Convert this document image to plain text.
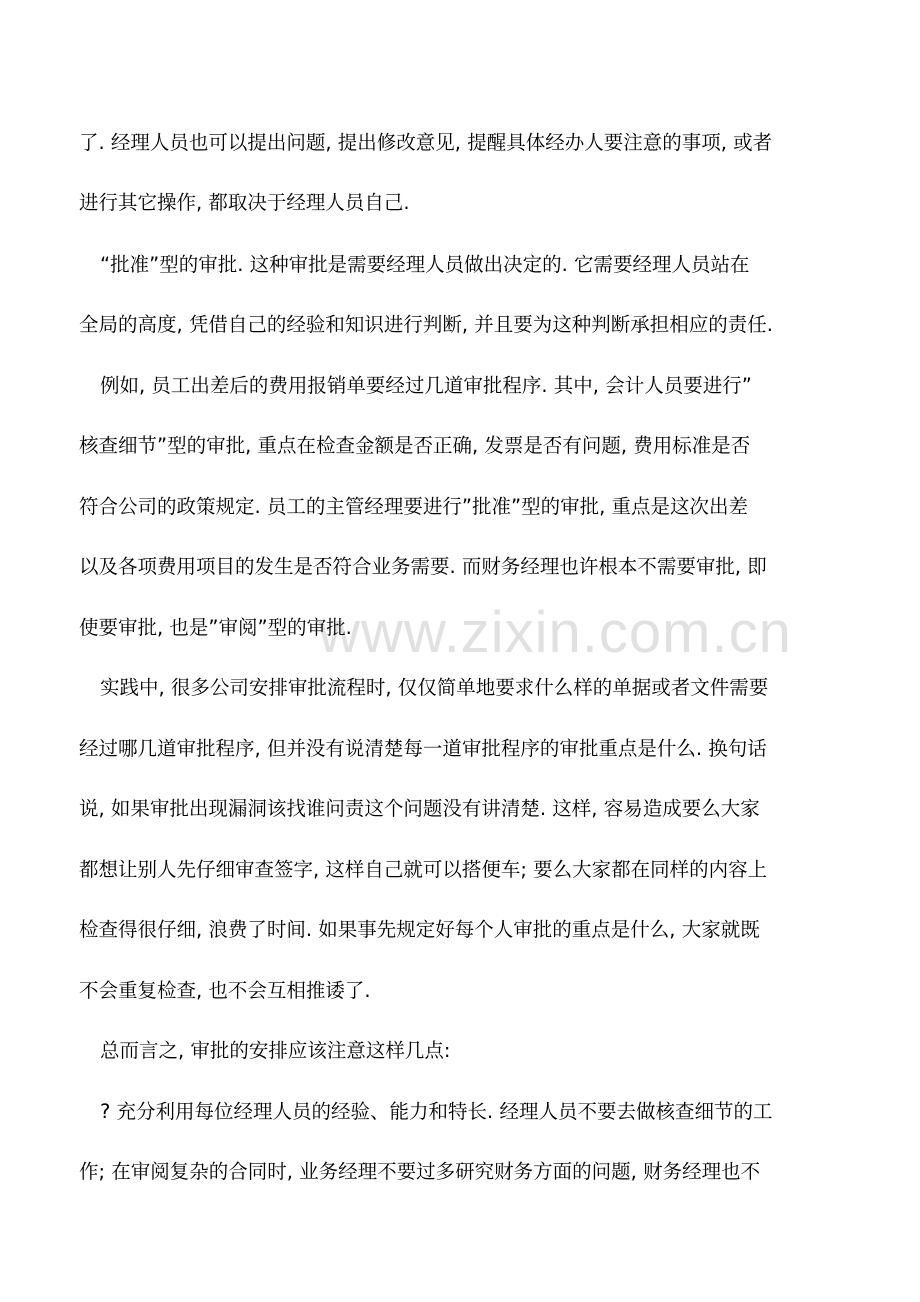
www.zixin.com.cn
了. 经理人员也可以提出问题, 提出修改意见, 提醒具体经办人要注意的事项, 或者
进行其它操作, 都取决于经理人员自己.
“批准”型的审批. 这种审批是需要经理人员做出决定的. 它需要经理人员站在
全局的高度, 凭借自己的经验和知识进行判断, 并且要为这种判断承担相应的责任.
例如, 员工出差后的费用报销单要经过几道审批程序. 其中, 会计人员要进行”
核查细节”型的审批, 重点在检查金额是否正确, 发票是否有问题, 费用标准是否
符合公司的政策规定. 员工的主管经理要进行”批准”型的审批, 重点是这次出差
以及各项费用项目的发生是否符合业务需要. 而财务经理也许根本不需要审批, 即
使要审批, 也是”审阅”型的审批.
实践中, 很多公司安排审批流程时, 仅仅简单地要求什么样的单据或者文件需要
经过哪几道审批程序, 但并没有说清楚每一道审批程序的审批重点是什么. 换句话
说, 如果审批出现漏洞该找谁问责这个问题没有讲清楚. 这样, 容易造成要么大家
都想让别人先仔细审查签字, 这样自己就可以搭便车; 要么大家都在同样的内容上
检查得很仔细, 浪费了时间. 如果事先规定好每个人审批的重点是什么, 大家就既
不会重复检查, 也不会互相推诿了.
总而言之, 审批的安排应该注意这样几点:
? 充分利用每位经理人员的经验、能力和特长. 经理人员不要去做核查细节的工
作; 在审阅复杂的合同时, 业务经理不要过多研究财务方面的问题, 财务经理也不
